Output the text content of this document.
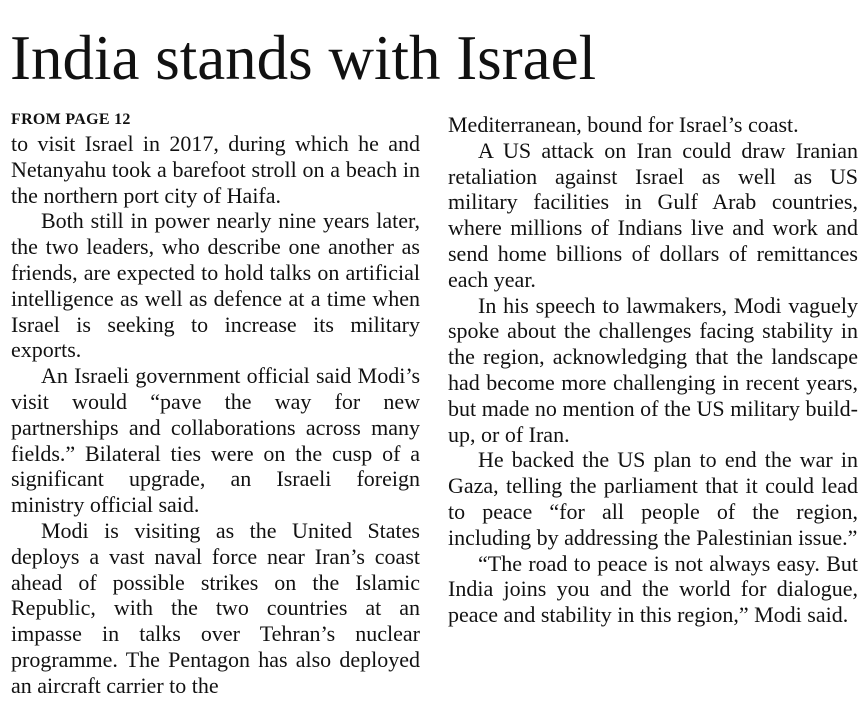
India stands with Israel
FROM PAGE 12

to visit Israel in 2017, during which he and Netanyahu took a barefoot stroll on a beach in the northern port city of Haifa.

Both still in power nearly nine years later, the two leaders, who describe one another as friends, are expected to hold talks on artificial intelligence as well as defence at a time when Israel is seeking to increase its military exports.

An Israeli government official said Modi’s visit would “pave the way for new partnerships and collaborations across many fields.” Bilateral ties were on the cusp of a significant upgrade, an Israeli foreign ministry official said.

Modi is visiting as the United States deploys a vast naval force near Iran’s coast ahead of possible strikes on the Islamic Republic, with the two countries at an impasse in talks over Tehran’s nuclear programme. The Pentagon has also deployed an aircraft carrier to the

Mediterranean, bound for Israel’s coast.

A US attack on Iran could draw Iranian retaliation against Israel as well as US military facilities in Gulf Arab countries, where millions of Indians live and work and send home billions of dollars of remittances each year.

In his speech to lawmakers, Modi vaguely spoke about the challenges facing stability in the region, acknowledging that the landscape had become more challenging in recent years, but made no mention of the US military build-up, or of Iran.

He backed the US plan to end the war in Gaza, telling the parliament that it could lead to peace “for all people of the region, including by addressing the Palestinian issue.”

“The road to peace is not always easy. But India joins you and the world for dialogue, peace and stability in this region,” Modi said.
